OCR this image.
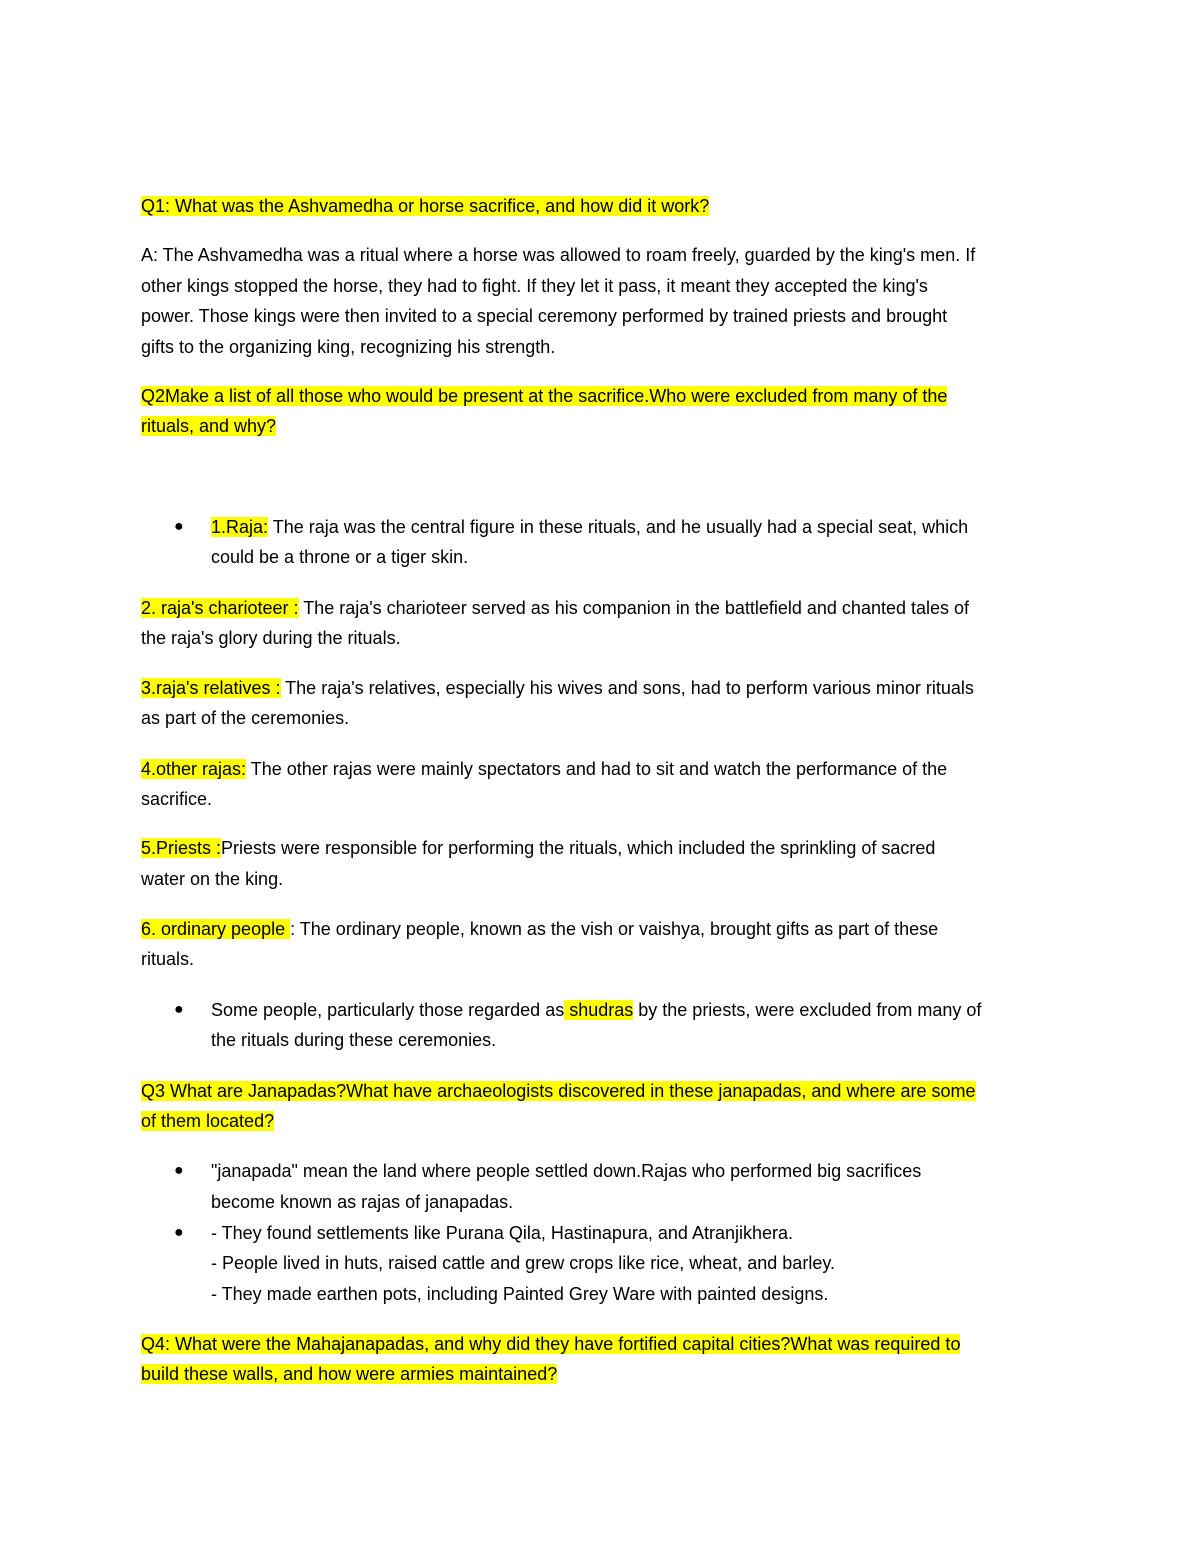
Q1: What was the Ashvamedha or horse sacrifice, and how did it work?
A: The Ashvamedha was a ritual where a horse was allowed to roam freely, guarded by the king's men. If
other kings stopped the horse, they had to fight. If they let it pass, it meant they accepted the king's
power. Those kings were then invited to a special ceremony performed by trained priests and brought
gifts to the organizing king, recognizing his strength.
Q2Make a list of all those who would be present at the sacrifice.Who were excluded from many of the
rituals, and why?
● 1.Raja: The raja was the central figure in these rituals, and he usually had a special seat, which
could be a throne or a tiger skin.
2. raja's charioteer : The raja's charioteer served as his companion in the battlefield and chanted tales of
the raja's glory during the rituals.
3.raja's relatives : The raja's relatives, especially his wives and sons, had to perform various minor rituals
as part of the ceremonies.
4.other rajas: The other rajas were mainly spectators and had to sit and watch the performance of the
sacrifice.
5.Priests :Priests were responsible for performing the rituals, which included the sprinkling of sacred
water on the king.
6. ordinary people : The ordinary people, known as the vish or vaishya, brought gifts as part of these
rituals.
● Some people, particularly those regarded as shudras by the priests, were excluded from many of
the rituals during these ceremonies.
Q3 What are Janapadas?What have archaeologists discovered in these janapadas, and where are some
of them located?
● "janapada" mean the land where people settled down.Rajas who performed big sacrifices
become known as rajas of janapadas.
● - They found settlements like Purana Qila, Hastinapura, and Atranjikhera.
- People lived in huts, raised cattle and grew crops like rice, wheat, and barley.
- They made earthen pots, including Painted Grey Ware with painted designs.
Q4: What were the Mahajanapadas, and why did they have fortified capital cities?What was required to
build these walls, and how were armies maintained?
